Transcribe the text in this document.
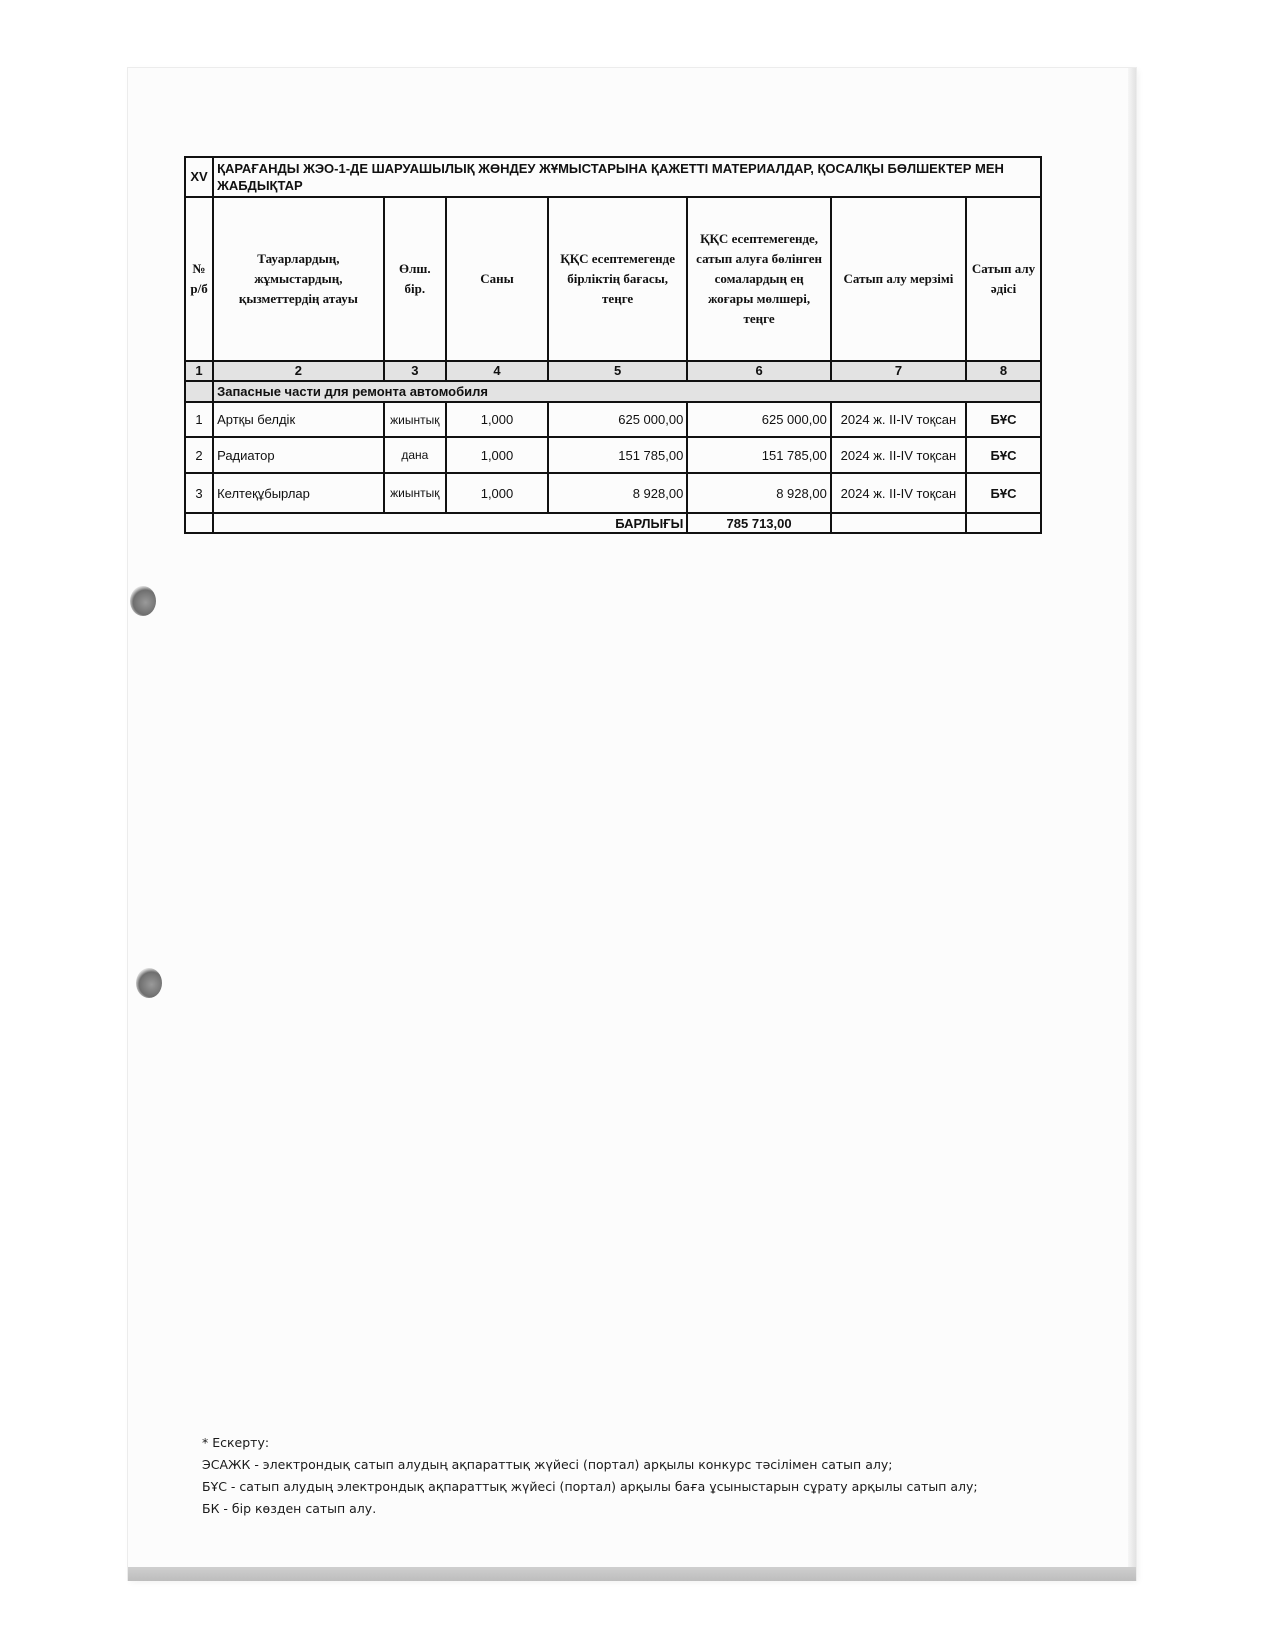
XV	ҚАРАҒАНДЫ ЖЭО-1-ДЕ ШАРУАШЫЛЫҚ ЖӨНДЕУ ЖҰМЫСТАРЫНА ҚАЖЕТТІ МАТЕРИАЛДАР, ҚОСАЛҚЫ БӨЛШЕКТЕР МЕН ЖАБДЫҚТАР						
№ р/б	Тауарлардың, жұмыстардың, қызметтердің атауы	Өлш. бір.	Саны	ҚҚС есептемегенде бірліктің бағасы, теңге	ҚҚС есептемегенде, сатып алуға бөлінген сомалардың ең жоғары мөлшері, теңге	Сатып алу мерзімі	Сатып алу әдісі
1	2	3	4	5	6	7	8
	Запасные части для ремонта автомобиля						
1	Артқы белдік	жиынтық	1,000	625 000,00	625 000,00	2024 ж. II-IV тоқсан	БҰС
2	Радиатор	дана	1,000	151 785,00	151 785,00	2024 ж. II-IV тоқсан	БҰС
3	Келтеқұбырлар	жиынтық	1,000	8 928,00	8 928,00	2024 ж. II-IV тоқсан	БҰС
	БАРЛЫҒЫ				785 713,00		
* Ескерту:
ЭСАЖК - электрондық сатып алудың ақпараттық жүйесі (портал) арқылы конкурс тәсілімен сатып алу;
БҰС - сатып алудың электрондық ақпараттық жүйесі (портал) арқылы баға ұсыныстарын сұрату арқылы сатып алу;
БК - бір көзден сатып алу.
